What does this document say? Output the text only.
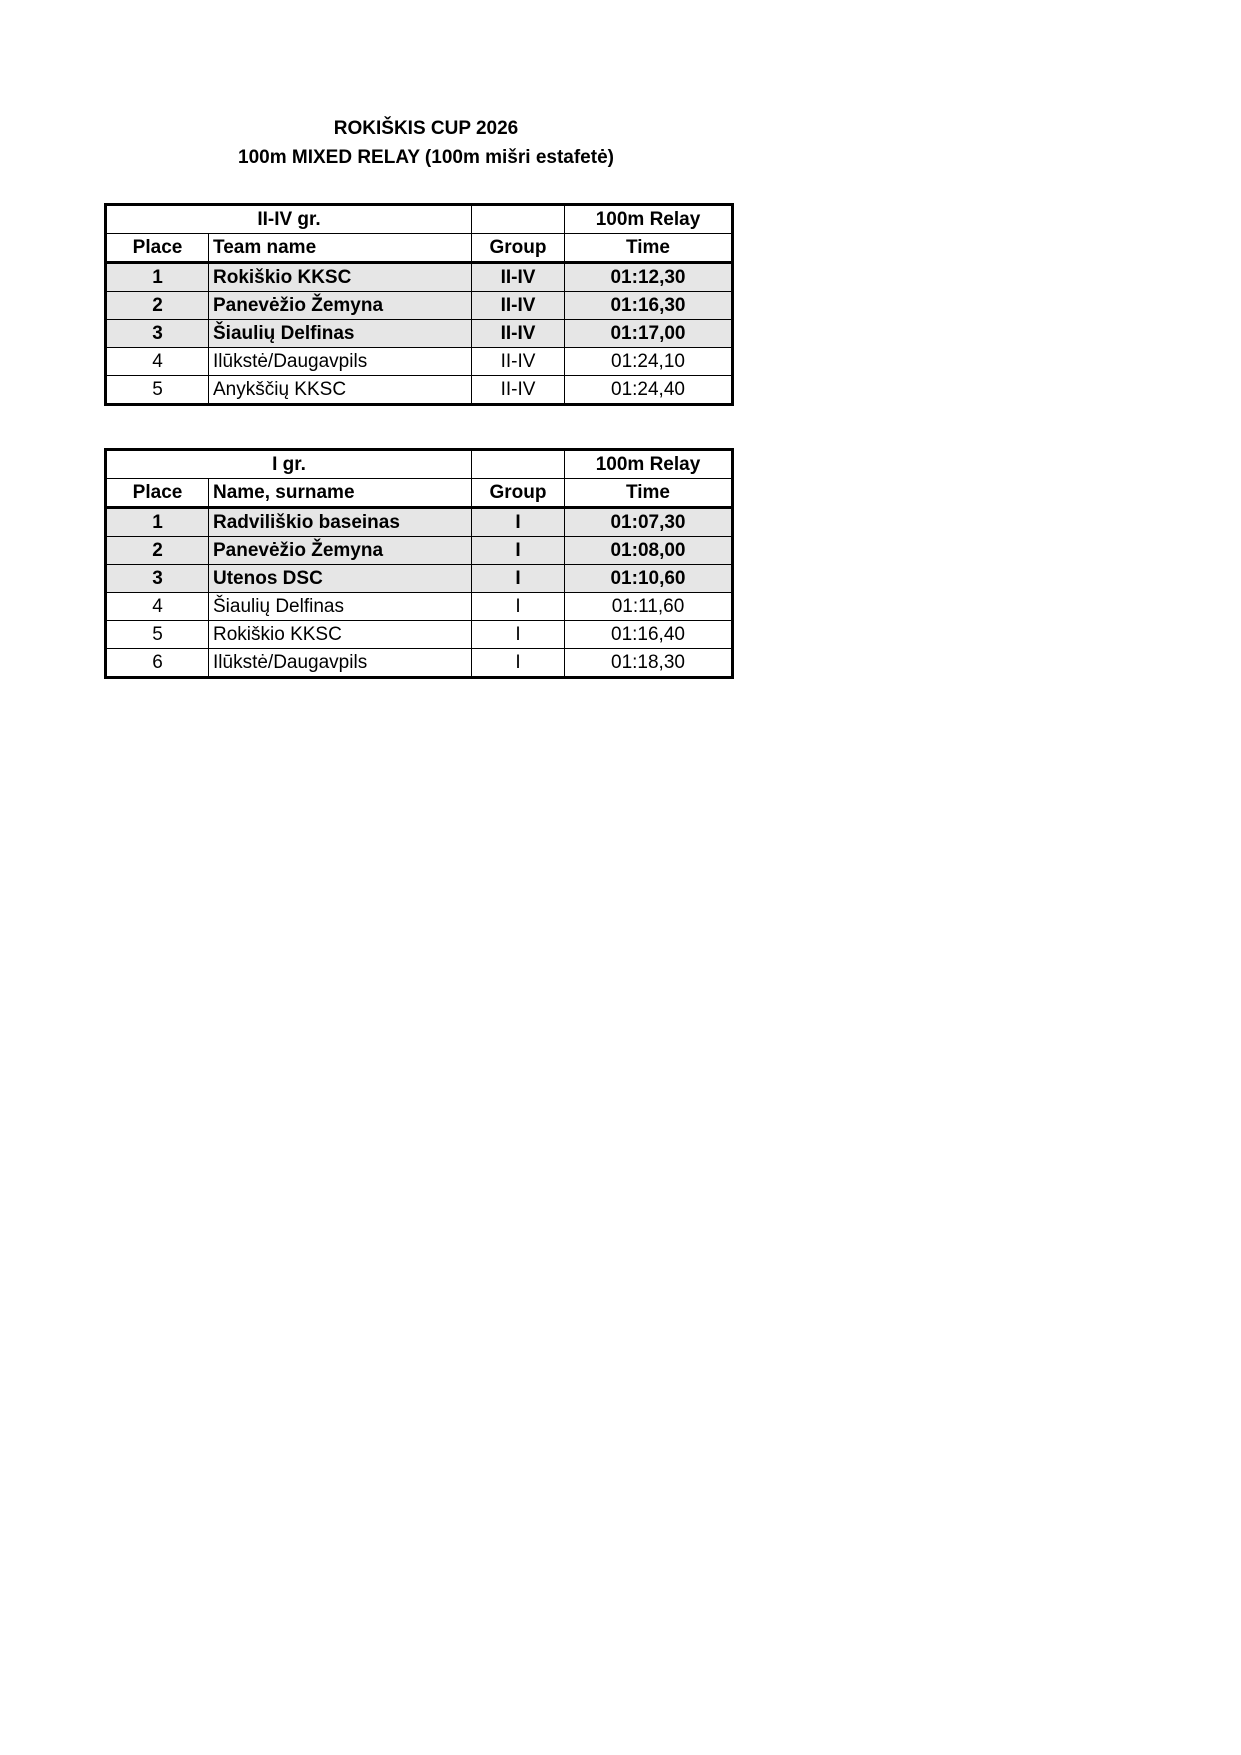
ROKIŠKIS CUP 2026
100m MIXED RELAY (100m mišri estafetė)
II-IV gr.			100m Relay
Place	Team name	Group	Time
1	Rokiškio KKSC	II-IV	01:12,30
2	Panevėžio Žemyna	II-IV	01:16,30
3	Šiaulių Delfinas	II-IV	01:17,00
4	Ilūkstė/Daugavpils	II-IV	01:24,10
5	Anykščių KKSC	II-IV	01:24,40
I gr.			100m Relay
Place	Name, surname	Group	Time
1	Radviliškio baseinas	I	01:07,30
2	Panevėžio Žemyna	I	01:08,00
3	Utenos DSC	I	01:10,60
4	Šiaulių Delfinas	I	01:11,60
5	Rokiškio KKSC	I	01:16,40
6	Ilūkstė/Daugavpils	I	01:18,30
